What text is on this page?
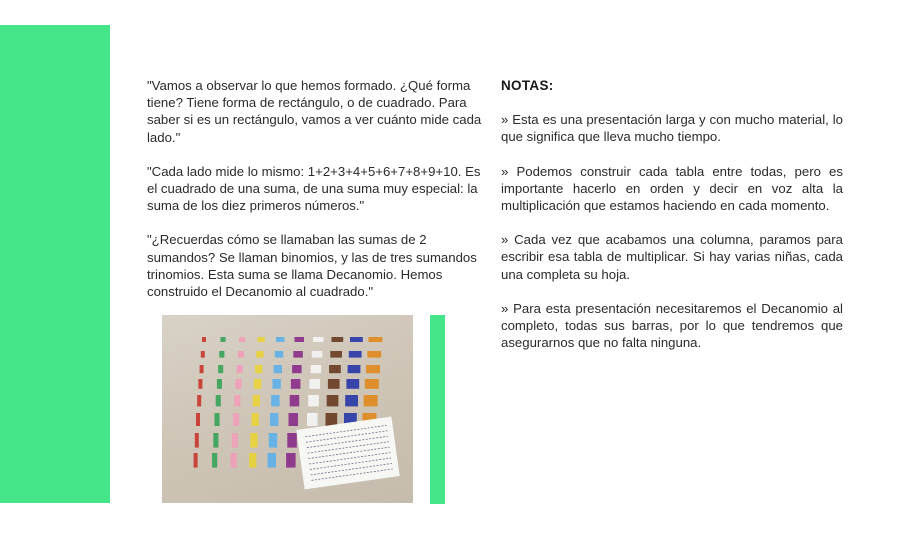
"Vamos a observar lo que hemos formado. ¿Qué forma tiene? Tiene forma de rectángulo, o de cuadrado. Para saber si es un rectángulo, vamos a ver cuánto mide cada lado."

"Cada lado mide lo mismo: 1+2+3+4+5+6+7+8+9+10. Es el cuadrado de una suma, de una suma muy especial: la suma de los diez primeros números."

"¿Recuerdas cómo se llamaban las sumas de 2 sumandos? Se llaman binomios, y las de tres sumandos trinomios. Esta suma se llama Decanomio. Hemos construido el Decanomio al cuadrado."

NOTAS:

» Esta es una presentación larga y con mucho material, lo que significa que lleva mucho tiempo.

» Podemos construir cada tabla entre todas, pero es importante hacerlo en orden y decir en voz alta la multiplicación que estamos haciendo en cada momento.

» Cada vez que acabamos una columna, paramos para escribir esa tabla de multiplicar. Si hay varias niñas, cada una completa su hoja.

» Para esta presentación necesitaremos el Decanomio al completo, todas sus barras, por lo que tendremos que asegurarnos que no falta ninguna.
